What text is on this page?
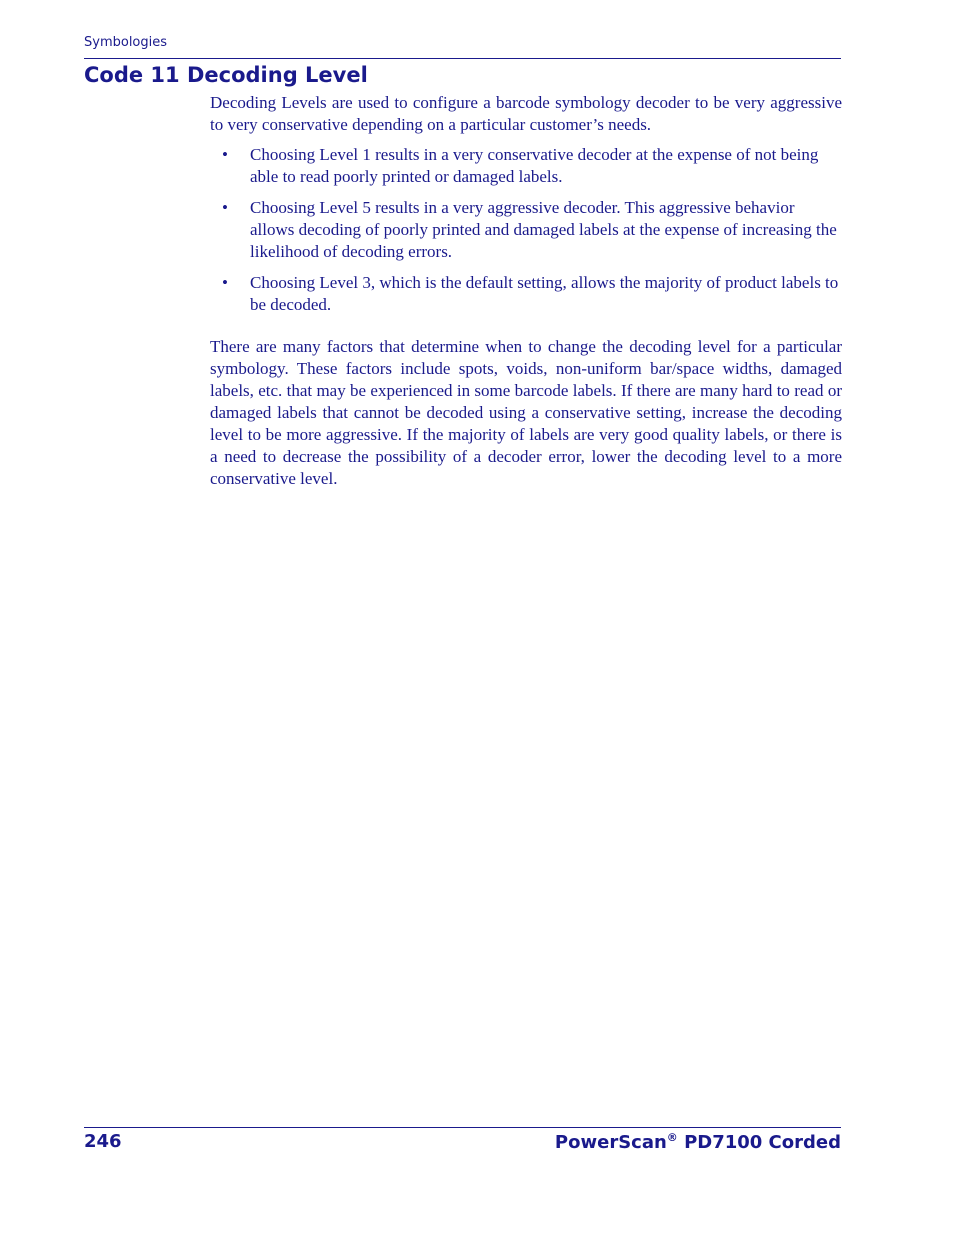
Symbologies
Code 11 Decoding Level

Decoding Levels are used to configure a barcode symbology decoder to be very aggressive to very conservative depending on a particular customer’s needs.

• Choosing Level 1 results in a very conservative decoder at the expense of not being able to read poorly printed or damaged labels.
• Choosing Level 5 results in a very aggressive decoder. This aggressive behavior allows decoding of poorly printed and damaged labels at the expense of increasing the likelihood of decoding errors.
• Choosing Level 3, which is the default setting, allows the majority of product labels to be decoded.

There are many factors that determine when to change the decoding level for a particular symbology. These factors include spots, voids, non-uniform bar/space widths, damaged labels, etc. that may be experienced in some barcode labels. If there are many hard to read or damaged labels that cannot be decoded using a conservative setting, increase the decoding level to be more aggressive. If the majority of labels are very good quality labels, or there is a need to decrease the possibility of a decoder error, lower the decoding level to a more conservative level.

246	PowerScan® PD7100 Corded
